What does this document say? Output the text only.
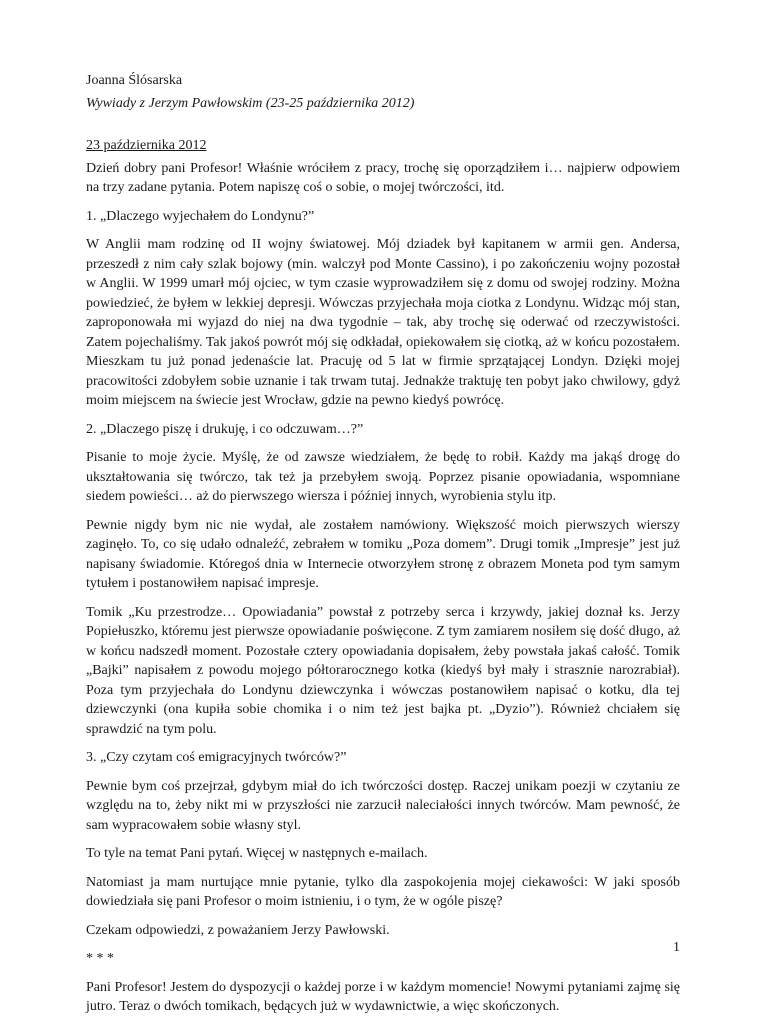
Joanna Ślósarska

Wywiady z Jerzym Pawłowskim (23-25 października 2012)

23 października 2012

Dzień dobry pani Profesor! Właśnie wróciłem z pracy, trochę się oporządziłem i… najpierw odpowiem na trzy zadane pytania. Potem napiszę coś o sobie, o mojej twórczości, itd.

1. „Dlaczego wyjechałem do Londynu?”

W Anglii mam rodzinę od II wojny światowej. Mój dziadek był kapitanem w armii gen. Andersa, przeszedł z nim cały szlak bojowy (min. walczył pod Monte Cassino), i po zakończeniu wojny pozostał w Anglii. W 1999 umarł mój ojciec, w tym czasie wyprowadziłem się z domu od swojej rodziny. Można powiedzieć, że byłem w lekkiej depresji. Wówczas przyjechała moja ciotka z Londynu. Widząc mój stan, zaproponowała mi wyjazd do niej na dwa tygodnie – tak, aby trochę się oderwać od rzeczywistości. Zatem pojechaliśmy. Tak jakoś powrót mój się odkładał, opiekowałem się ciotką, aż w końcu pozostałem. Mieszkam tu już ponad jedenaście lat. Pracuję od 5 lat w firmie sprzątającej Londyn. Dzięki mojej pracowitości zdobyłem sobie uznanie i tak trwam tutaj. Jednakże traktuję ten pobyt jako chwilowy, gdyż moim miejscem na świecie jest Wrocław, gdzie na pewno kiedyś powrócę.

2. „Dlaczego piszę i drukuję, i co odczuwam…?”

Pisanie to moje życie. Myślę, że od zawsze wiedziałem, że będę to robił. Każdy ma jakąś drogę do ukształtowania się twórczo, tak też ja przebyłem swoją. Poprzez pisanie opowiadania, wspomniane siedem powieści… aż do pierwszego wiersza i później innych, wyrobienia stylu itp.

Pewnie nigdy bym nic nie wydał, ale zostałem namówiony. Większość moich pierwszych wierszy zaginęło. To, co się udało odnaleźć, zebrałem w tomiku „Poza domem”. Drugi tomik „Impresje” jest już napisany świadomie. Któregoś dnia w Internecie otworzyłem stronę z obrazem Moneta pod tym samym tytułem i postanowiłem napisać impresje.

Tomik „Ku przestrodze… Opowiadania” powstał z potrzeby serca i krzywdy, jakiej doznał ks. Jerzy Popiełuszko, któremu jest pierwsze opowiadanie poświęcone. Z tym zamiarem nosiłem się dość długo, aż w końcu nadszedł moment. Pozostałe cztery opowiadania dopisałem, żeby powstała jakaś całość. Tomik „Bajki” napisałem z powodu mojego półtorarocznego kotka (kiedyś był mały i strasznie narozrabiał). Poza tym przyjechała do Londynu dziewczynka i wówczas postanowiłem napisać o kotku, dla tej dziewczynki (ona kupiła sobie chomika i o nim też jest bajka pt. „Dyzio”). Również chciałem się sprawdzić na tym polu.

3. „Czy czytam coś emigracyjnych twórców?”

Pewnie bym coś przejrzał, gdybym miał do ich twórczości dostęp. Raczej unikam poezji w czytaniu ze względu na to, żeby nikt mi w przyszłości nie zarzucił naleciałości innych twórców. Mam pewność, że sam wypracowałem sobie własny styl.

To tyle na temat Pani pytań. Więcej w następnych e-mailach.

Natomiast ja mam nurtujące mnie pytanie, tylko dla zaspokojenia mojej ciekawości: W jaki sposób dowiedziała się pani Profesor o moim istnieniu, i o tym, że w ogóle piszę?

Czekam odpowiedzi, z poważaniem Jerzy Pawłowski.

* * *

Pani Profesor! Jestem do dyspozycji o każdej porze i w każdym momencie! Nowymi pytaniami zajmę się jutro. Teraz o dwóch tomikach, będących już w wydawnictwie, a więc skończonych.

1
